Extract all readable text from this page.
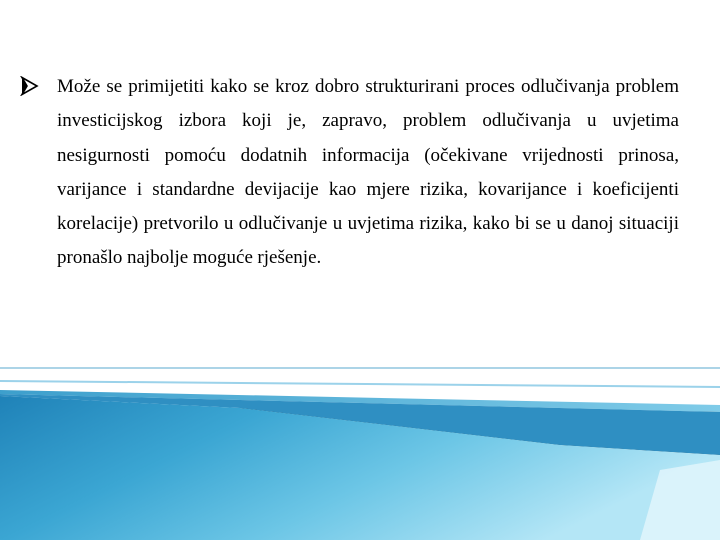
Može se primijetiti kako se kroz dobro strukturirani proces odlučivanja problem investicijskog izbora koji je, zapravo, problem odlučivanja u uvjetima nesigurnosti pomoću dodatnih informacija (očekivane vrijednosti prinosa, varijance i standardne devijacije kao mjere rizika, kovarijance i koeficijenti korelacije) pretvorilo u odlučivanje u uvjetima rizika, kako bi se u danoj situaciji pronašlo najbolje moguće rješenje.
